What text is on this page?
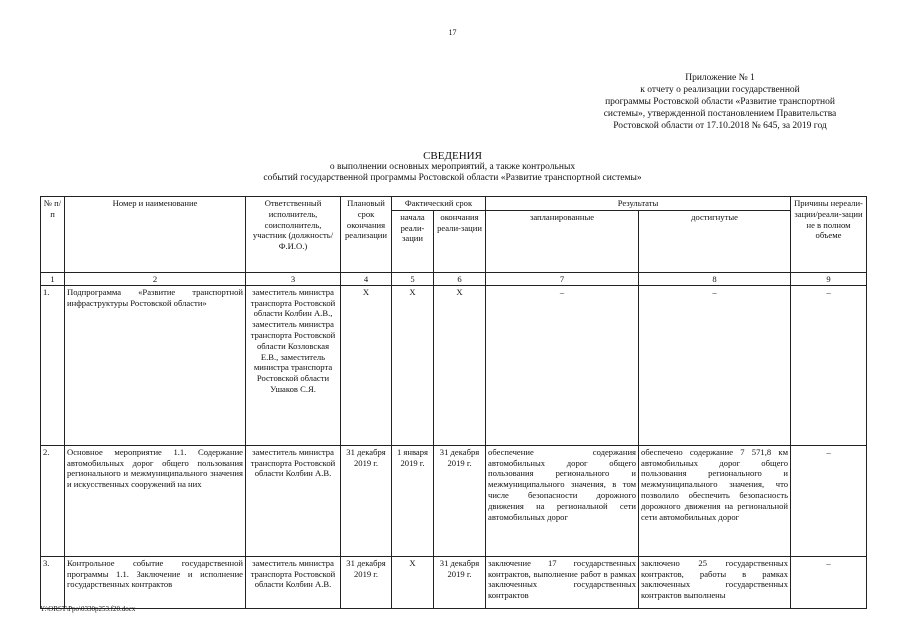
17
Приложение № 1
к отчету о реализации государственной
программы Ростовской области «Развитие транспортной
системы», утвержденной постановлением Правительства
Ростовской области от 17.10.2018 № 645, за 2019 год
СВЕДЕНИЯ
о выполнении основных мероприятий, а также контрольных
событий государственной программы Ростовской области «Развитие транспортной системы»
№ п/п	Номер и наименование	Ответственный исполнитель, соисполнитель, участник (должность/ Ф.И.О.)	Плановый срок окончания реализации	Фактический срок		Результаты		Причины нереали-зации/реали-зации не в полном объеме
				начала реали-зации	окончания реали-зации	запланированные	достигнутые	
1	2	3	4	5	6	7	8	9
1.	Подпрограмма «Развитие транспортной инфраструктуры Ростовской области»	заместитель министра транспорта Ростовской области Колбин А.В., заместитель министра транспорта Ростовской области Козловская Е.В., заместитель министра транспорта Ростовской области Ушаков С.Я.	Х	Х	Х	–	–	–
2.	Основное мероприятие 1.1. Содержание автомобильных дорог общего пользования регионального и межмуниципального значения и искусственных сооружений на них	заместитель министра транспорта Ростовской области Колбин А.В.	31 декабря 2019 г.	1 января 2019 г.	31 декабря 2019 г.	обеспечение содержания автомобильных дорог общего пользования регионального и межмуниципального значения, в том числе безопасности дорожного движения на региональной сети автомобильных дорог	обеспечено содержание 7 571,8 км автомобильных дорог общего пользования регионального и межмуниципального значения, что позволило обеспечить безопасность дорожного движения на региональной сети автомобильных дорог	–
3.	Контрольное событие государственной программы 1.1. Заключение и исполнение государственных контрактов	заместитель министра транспорта Ростовской области Колбин А.В.	31 декабря 2019 г.	Х	31 декабря 2019 г.	заключение 17 государственных контрактов, выполнение работ в рамках заключенных государственных контрактов	заключено 25 государственных контрактов, работы в рамках заключенных государственных контрактов выполнены	–
Y:\ORST\Ppo\0330p253.f20.docx
